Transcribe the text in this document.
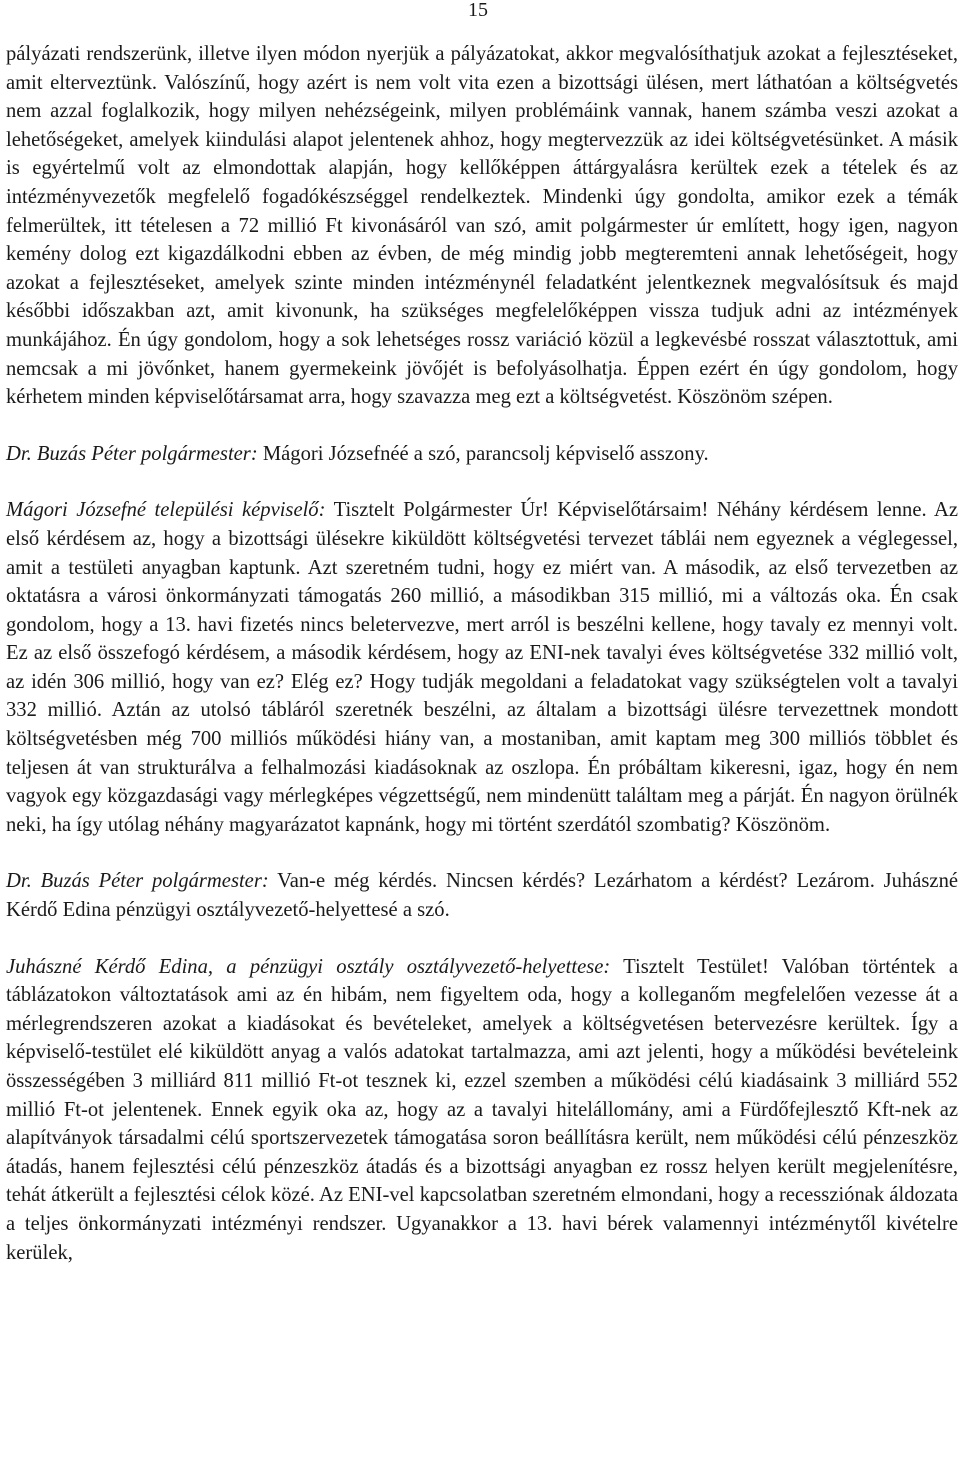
15

pályázati rendszerünk, illetve ilyen módon nyerjük a pályázatokat, akkor megvalósíthatjuk azokat a fejlesztéseket, amit elterveztünk. Valószínű, hogy azért is nem volt vita ezen a bizottsági ülésen, mert láthatóan a költségvetés nem azzal foglalkozik, hogy milyen nehézségeink, milyen problémáink vannak, hanem számba veszi azokat a lehetőségeket, amelyek kiindulási alapot jelentenek ahhoz, hogy megtervezzük az idei költségvetésünket. A másik is egyértelmű volt az elmondottak alapján, hogy kellőképpen áttárgyalásra kerültek ezek a tételek és az intézményvezetők megfelelő fogadókészséggel rendelkeztek. Mindenki úgy gondolta, amikor ezek a témák felmerültek, itt tételesen a 72 millió Ft kivonásáról van szó, amit polgármester úr említett, hogy igen, nagyon kemény dolog ezt kigazdálkodni ebben az évben, de még mindig jobb megteremteni annak lehetőségeit, hogy azokat a fejlesztéseket, amelyek szinte minden intézménynél feladatként jelentkeznek megvalósítsuk és majd későbbi időszakban azt, amit kivonunk, ha szükséges megfelelőképpen vissza tudjuk adni az intézmények munkájához. Én úgy gondolom, hogy a sok lehetséges rossz variáció közül a legkevésbé rosszat választottuk, ami nemcsak a mi jövőnket, hanem gyermekeink jövőjét is befolyásolhatja. Éppen ezért én úgy gondolom, hogy kérhetem minden képviselőtársamat arra, hogy szavazza meg ezt a költségvetést. Köszönöm szépen.

Dr. Buzás Péter polgármester: Mágori Józsefnéé a szó, parancsolj képviselő asszony.

Mágori Józsefné települési képviselő: Tisztelt Polgármester Úr! Képviselőtársaim! Néhány kérdésem lenne. Az első kérdésem az, hogy a bizottsági ülésekre kiküldött költségvetési tervezet táblái nem egyeznek a véglegessel, amit a testületi anyagban kaptunk. Azt szeretném tudni, hogy ez miért van. A második, az első tervezetben az oktatásra a városi önkormányzati támogatás 260 millió, a másodikban 315 millió, mi a változás oka. Én csak gondolom, hogy a 13. havi fizetés nincs beletervezve, mert arról is beszélni kellene, hogy tavaly ez mennyi volt. Ez az első összefogó kérdésem, a második kérdésem, hogy az ENI-nek tavalyi éves költségvetése 332 millió volt, az idén 306 millió, hogy van ez? Elég ez? Hogy tudják megoldani a feladatokat vagy szükségtelen volt a tavalyi 332 millió. Aztán az utolsó tábláról szeretnék beszélni, az általam a bizottsági ülésre tervezettnek mondott költségvetésben még 700 milliós működési hiány van, a mostaniban, amit kaptam meg 300 milliós többlet és teljesen át van strukturálva a felhalmozási kiadásoknak az oszlopa. Én próbáltam kikeresni, igaz, hogy én nem vagyok egy közgazdasági vagy mérlegképes végzettségű, nem mindenütt találtam meg a párját. Én nagyon örülnék neki, ha így utólag néhány magyarázatot kapnánk, hogy mi történt szerdától szombatig? Köszönöm.

Dr. Buzás Péter polgármester: Van-e még kérdés. Nincsen kérdés? Lezárhatom a kérdést? Lezárom. Juhászné Kérdő Edina pénzügyi osztályvezető-helyettesé a szó.

Juhászné Kérdő Edina, a pénzügyi osztály osztályvezető-helyettese: Tisztelt Testület! Valóban történtek a táblázatokon változtatások ami az én hibám, nem figyeltem oda, hogy a kolleganőm megfelelően vezesse át a mérlegrendszeren azokat a kiadásokat és bevételeket, amelyek a költségvetésen betervezésre kerültek. Így a képviselő-testület elé kiküldött anyag a valós adatokat tartalmazza, ami azt jelenti, hogy a működési bevételeink összességében 3 milliárd 811 millió Ft-ot tesznek ki, ezzel szemben a működési célú kiadásaink 3 milliárd 552 millió Ft-ot jelentenek. Ennek egyik oka az, hogy az a tavalyi hitelállomány, ami a Fürdőfejlesztő Kft-nek az alapítványok társadalmi célú sportszervezetek támogatása soron beállításra került, nem működési célú pénzeszköz átadás, hanem fejlesztési célú pénzeszköz átadás és a bizottsági anyagban ez rossz helyen került megjelenítésre, tehát átkerült a fejlesztési célok közé. Az ENI-vel kapcsolatban szeretném elmondani, hogy a recessziónak áldozata a teljes önkormányzati intézményi rendszer. Ugyanakkor a 13. havi bérek valamennyi intézménytől kivételre kerülek,
